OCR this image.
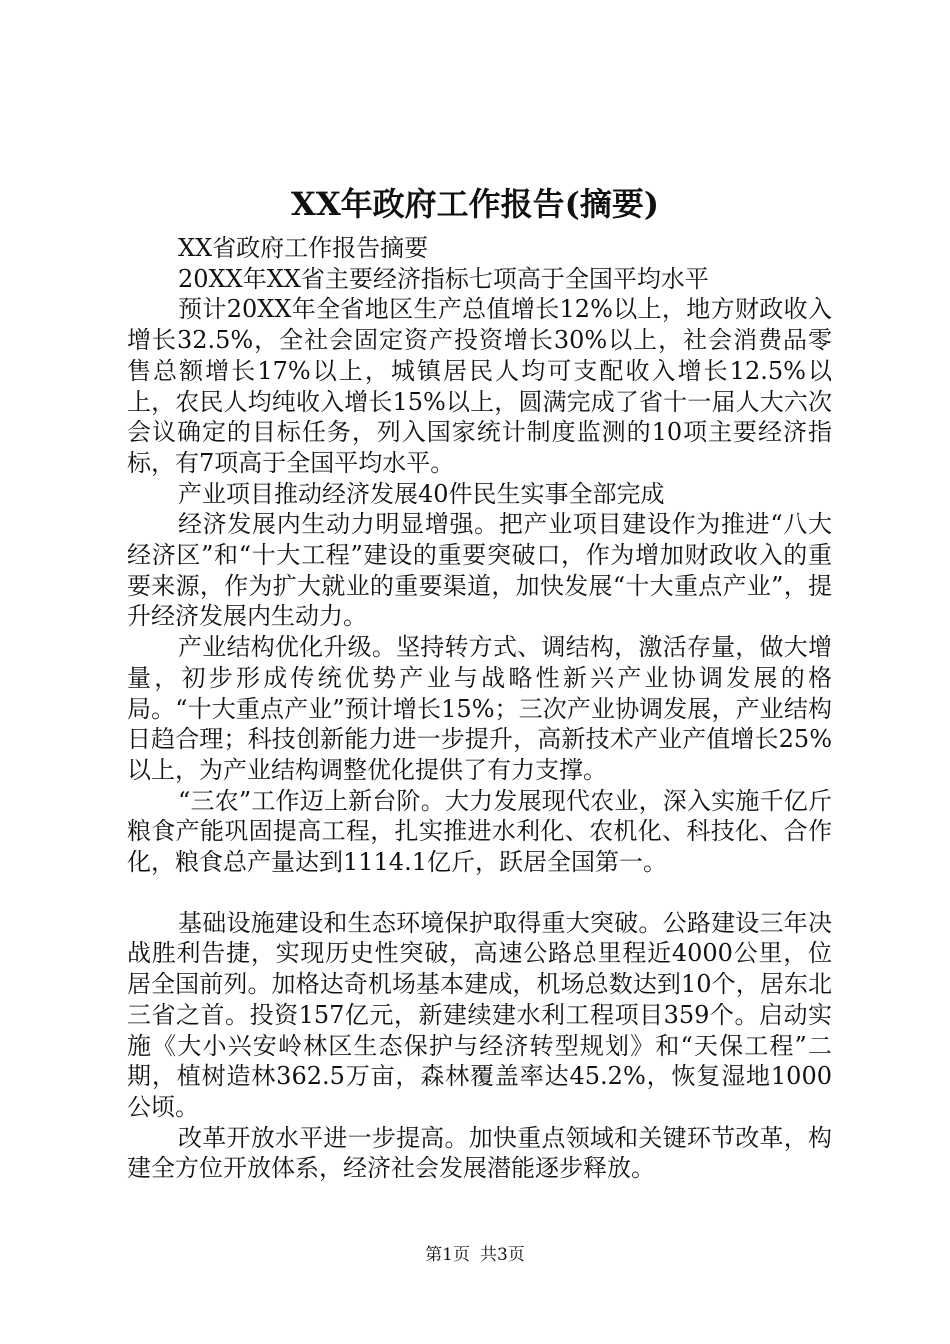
XX年政府工作报告(摘要)

XX省政府工作报告摘要

20XX年XX省主要经济指标七项高于全国平均水平

预计20XX年全省地区生产总值增长12%以上，地方财政收入增长32.5%，全社会固定资产投资增长30%以上，社会消费品零售总额增长17%以上，城镇居民人均可支配收入增长12.5%以上，农民人均纯收入增长15%以上，圆满完成了省十一届人大六次会议确定的目标任务，列入国家统计制度监测的10项主要经济指标，有7项高于全国平均水平。

产业项目推动经济发展40件民生实事全部完成

经济发展内生动力明显增强。把产业项目建设作为推进“八大经济区”和“十大工程”建设的重要突破口，作为增加财政收入的重要来源，作为扩大就业的重要渠道，加快发展“十大重点产业”，提升经济发展内生动力。

产业结构优化升级。坚持转方式、调结构，激活存量，做大增量，初步形成传统优势产业与战略性新兴产业协调发展的格局。“十大重点产业”预计增长15%；三次产业协调发展，产业结构日趋合理；科技创新能力进一步提升，高新技术产业产值增长25%以上，为产业结构调整优化提供了有力支撑。

“三农”工作迈上新台阶。大力发展现代农业，深入实施千亿斤粮食产能巩固提高工程，扎实推进水利化、农机化、科技化、合作化，粮食总产量达到1114.1亿斤，跃居全国第一。

基础设施建设和生态环境保护取得重大突破。公路建设三年决战胜利告捷，实现历史性突破，高速公路总里程近4000公里，位居全国前列。加格达奇机场基本建成，机场总数达到10个，居东北三省之首。投资157亿元，新建续建水利工程项目359个。启动实施《大小兴安岭林区生态保护与经济转型规划》和“天保工程”二期，植树造林362.5万亩，森林覆盖率达45.2%，恢复湿地1000公顷。

改革开放水平进一步提高。加快重点领域和关键环节改革，构建全方位开放体系，经济社会发展潜能逐步释放。

第1页 共3页
